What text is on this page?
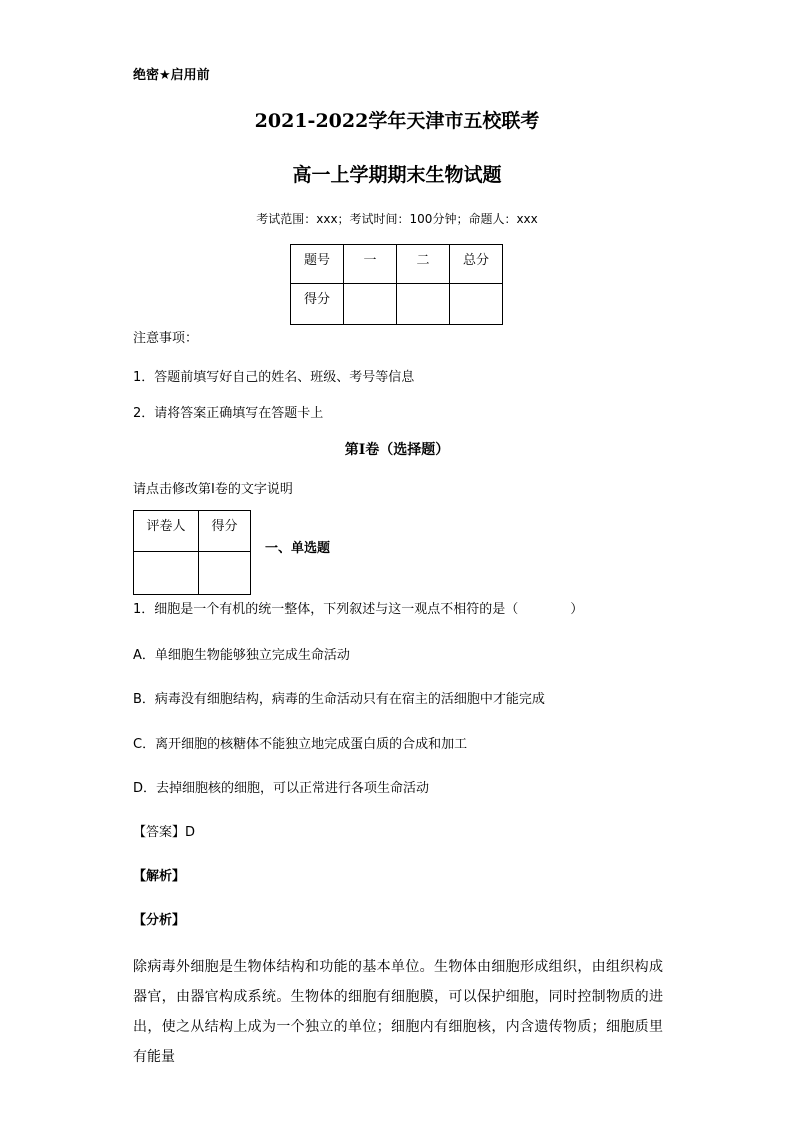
绝密★启用前
2021-2022学年天津市五校联考
高一上学期期末生物试题
考试范围：xxx；考试时间：100分钟；命题人：xxx
题号	一	二	总分
得分			
注意事项：
1．答题前填写好自己的姓名、班级、考号等信息
2．请将答案正确填写在答题卡上
第I卷（选择题）
请点击修改第I卷的文字说明
评卷人	得分

一、单选题
1．细胞是一个有机的统一整体，下列叙述与这一观点不相符的是（　　　　）
A．单细胞生物能够独立完成生命活动
B．病毒没有细胞结构，病毒的生命活动只有在宿主的活细胞中才能完成
C．离开细胞的核糖体不能独立地完成蛋白质的合成和加工
D．去掉细胞核的细胞，可以正常进行各项生命活动
【答案】D
【解析】
【分析】
除病毒外细胞是生物体结构和功能的基本单位。生物体由细胞形成组织，由组织构成器官，由器官构成系统。生物体的细胞有细胞膜，可以保护细胞，同时控制物质的进出，使之从结构上成为一个独立的单位；细胞内有细胞核，内含遗传物质；细胞质里有能量
